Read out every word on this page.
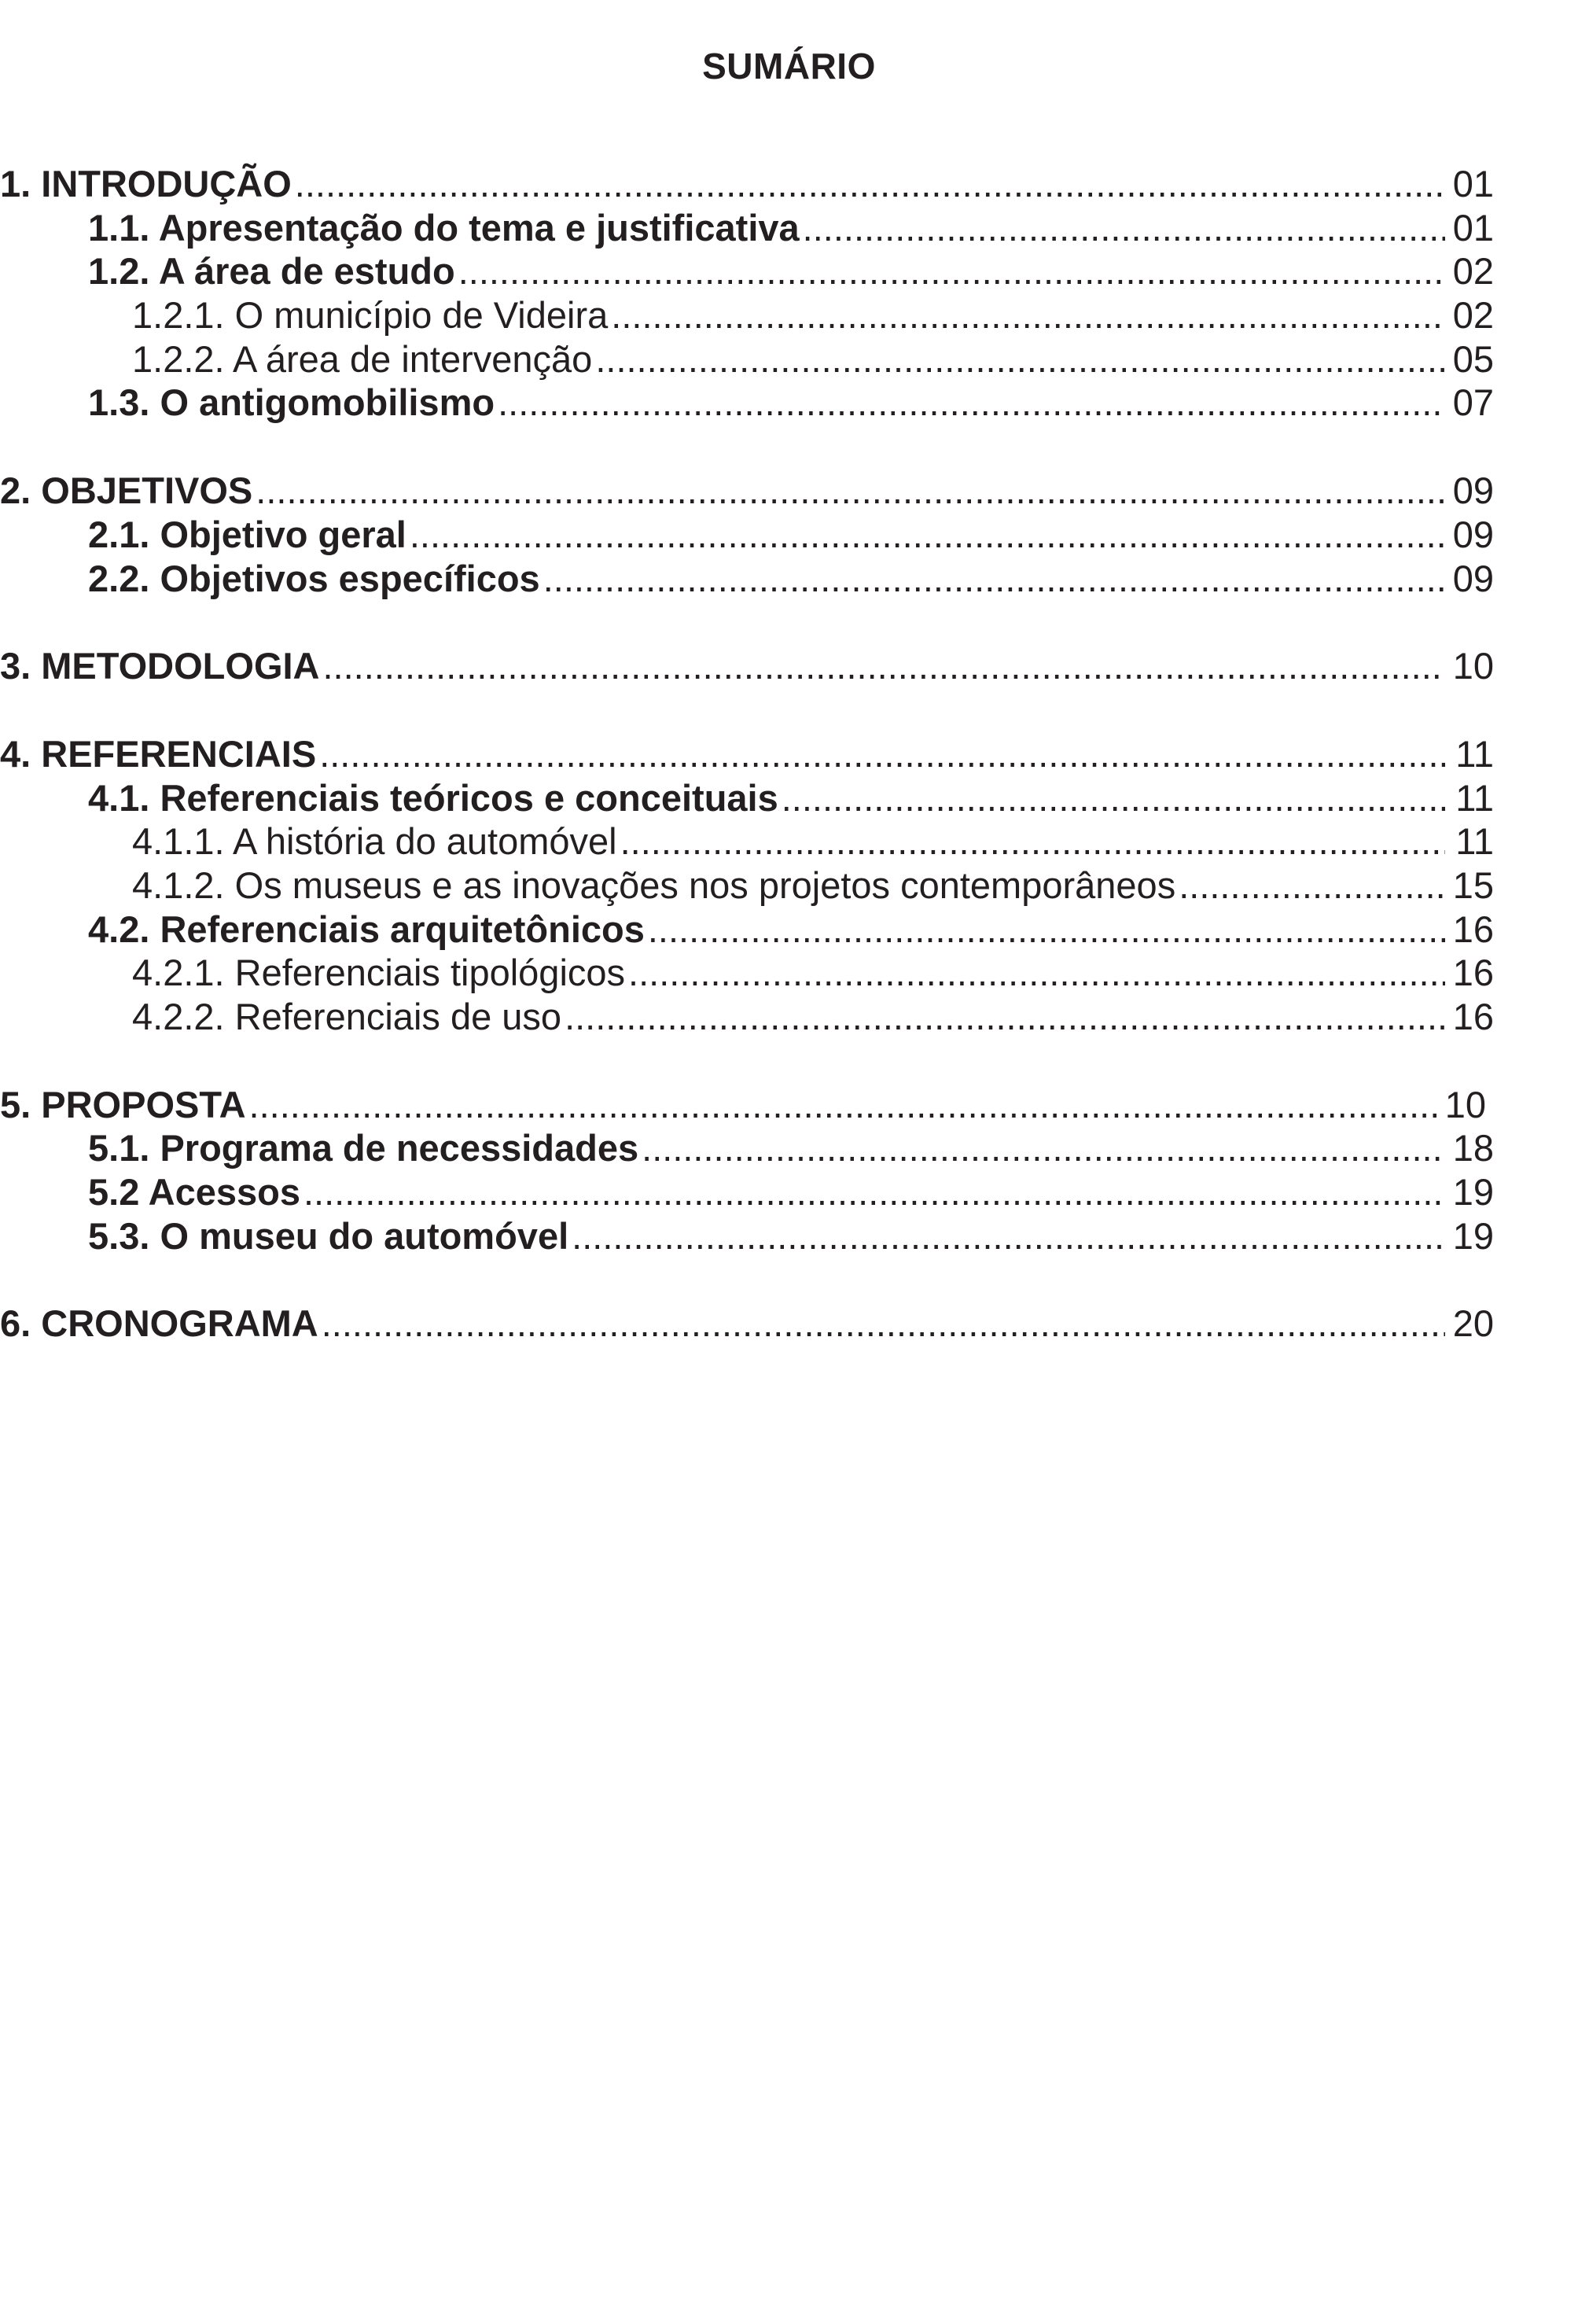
SUMÁRIO
1. INTRODUÇÃO .....	01
1.1. Apresentação do tema e justificativa .....	01
1.2. A área de estudo .....	02
1.2.1. O município de Videira .....	02
1.2.2. A área de intervenção .....	05
1.3. O antigomobilismo .....	07
2. OBJETIVOS .....	09
2.1. Objetivo geral .....	09
2.2. Objetivos específicos .....	09
3. METODOLOGIA .....	10
4. REFERENCIAIS .....	11
4.1. Referenciais teóricos e conceituais .....	11
4.1.1. A história do automóvel .....	11
4.1.2. Os museus e as inovações nos projetos contemporâneos .....	15
4.2. Referenciais arquitetônicos .....	16
4.2.1. Referenciais tipológicos .....	16
4.2.2. Referenciais de uso .....	16
5. PROPOSTA .....	10
5.1. Programa de necessidades .....	18
5.2 Acessos .....	19
5.3. O museu do automóvel .....	19
6. CRONOGRAMA .....	20
